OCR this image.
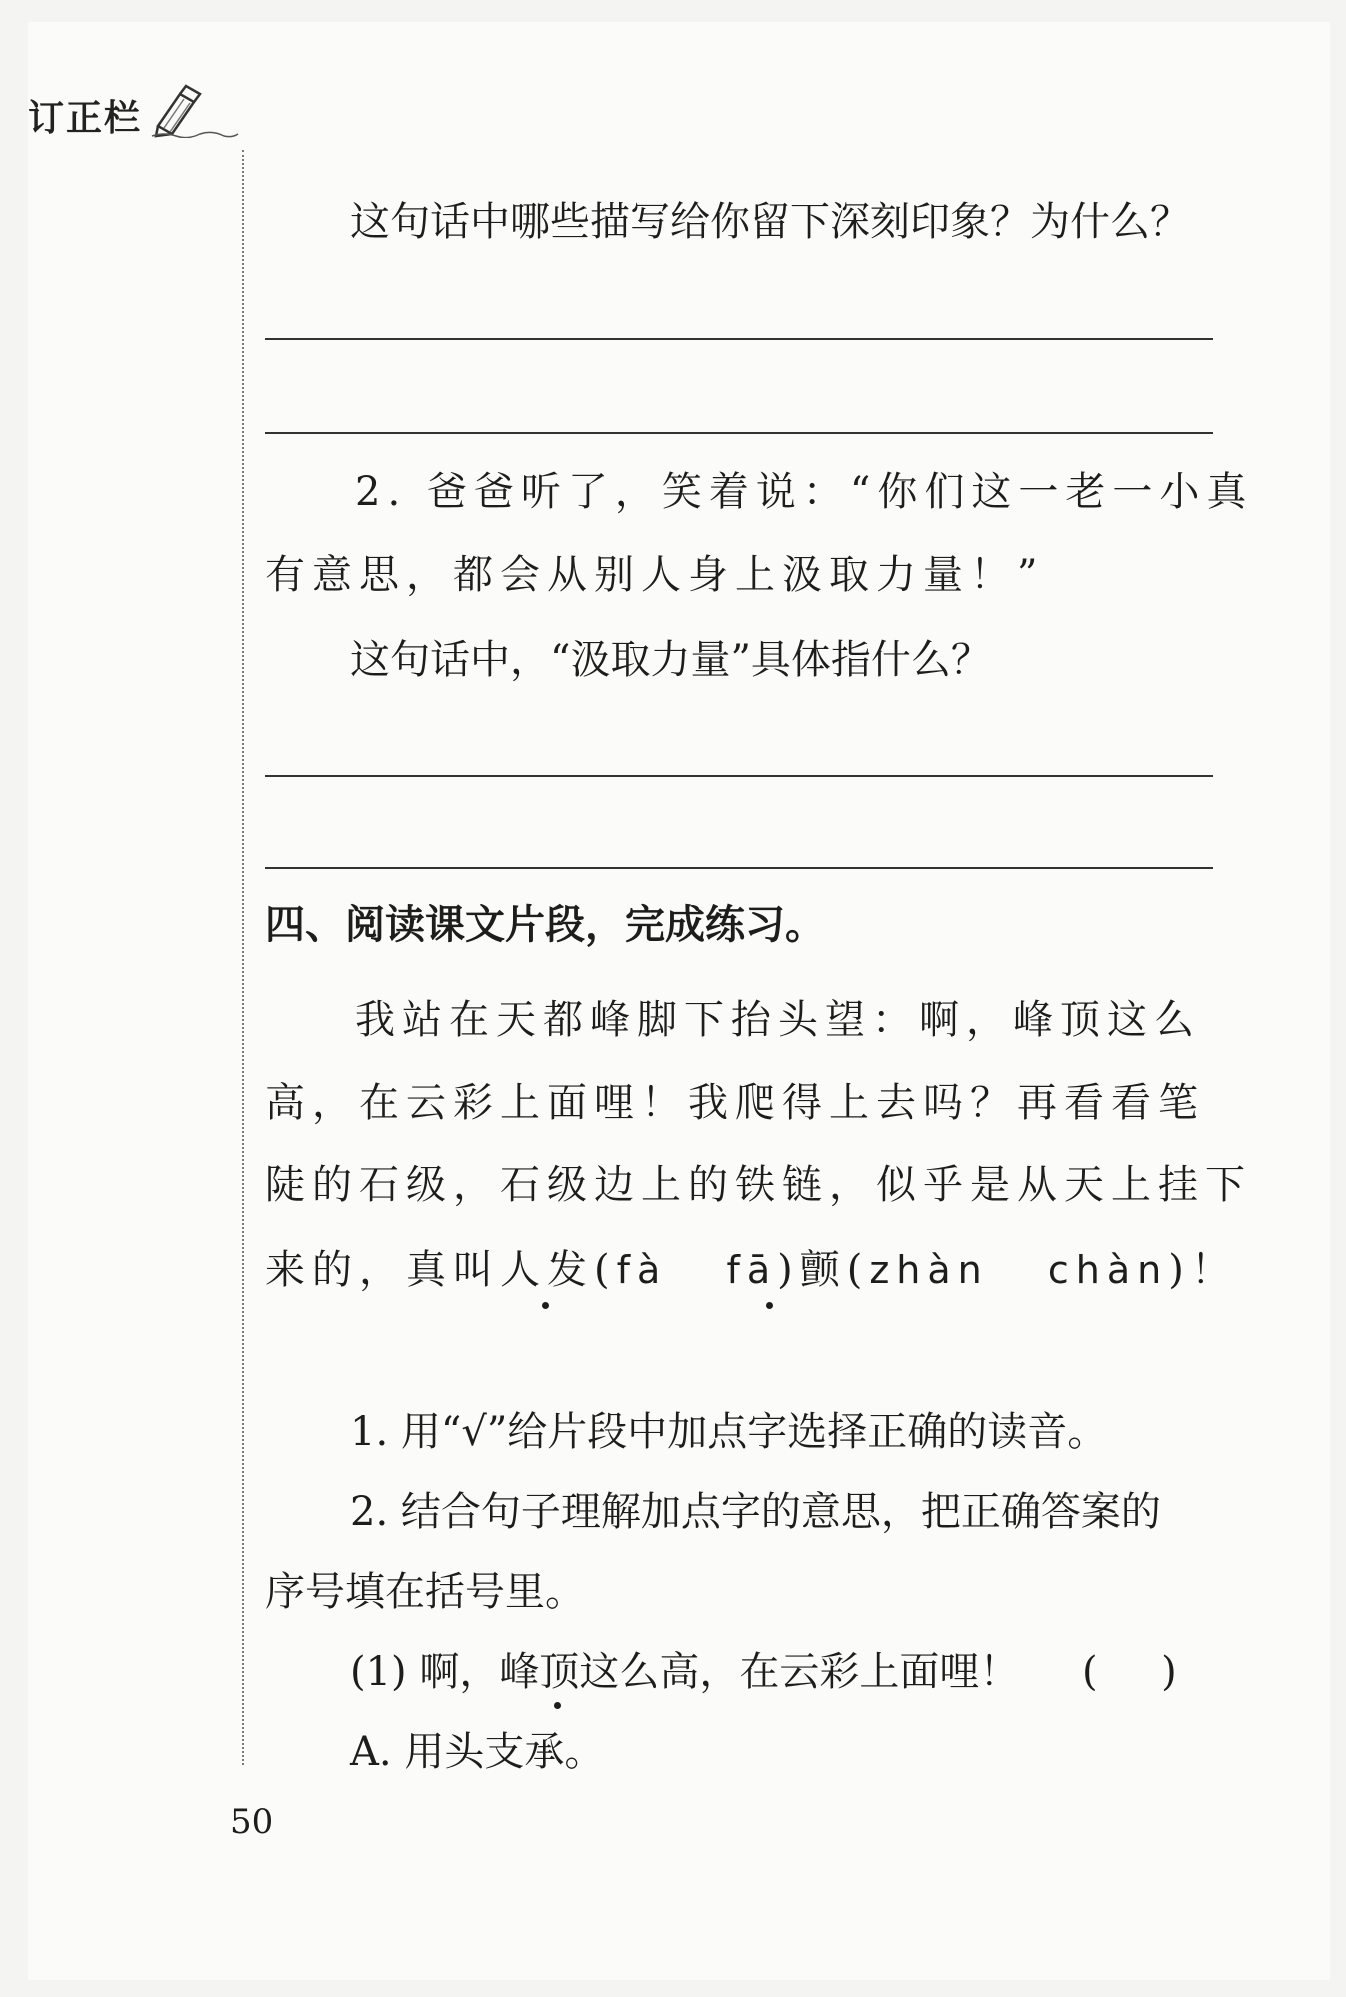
订正栏
这句话中哪些描写给你留下深刻印象？为什么？
2. 爸爸听了，笑着说：“你们这一老一小真
有意思，都会从别人身上汲取力量！”
这句话中，“汲取力量”具体指什么？
四、阅读课文片段，完成练习。
我站在天都峰脚下抬头望：啊，峰顶这么
高，在云彩上面哩！我爬得上去吗？再看看笔
陡的石级，石级边上的铁链，似乎是从天上挂下
来的，真叫人发(fà fā)颤(zhàn chàn)！
1. 用“√”给片段中加点字选择正确的读音。
2. 结合句子理解加点字的意思，把正确答案的
序号填在括号里。
(1) 啊，峰顶这么高，在云彩上面哩！ (     )
A. 用头支承。
50
